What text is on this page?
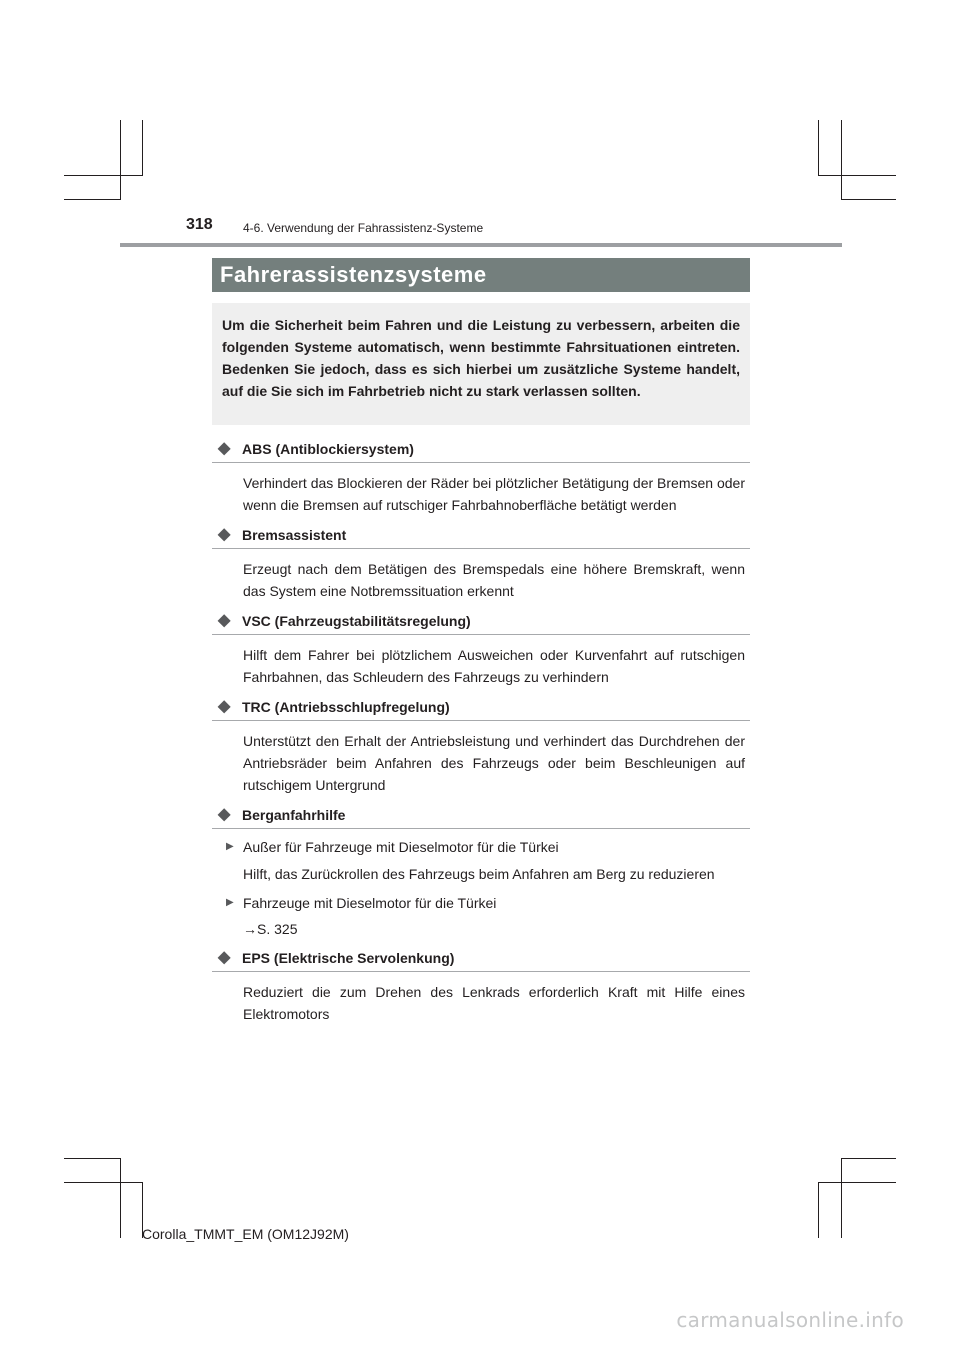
318	4-6. Verwendung der Fahrassistenz-Systeme
Fahrerassistenzsysteme
Um die Sicherheit beim Fahren und die Leistung zu verbessern, arbeiten die folgenden Systeme automatisch, wenn bestimmte Fahrsituationen eintreten. Bedenken Sie jedoch, dass es sich hierbei um zusätzliche Systeme handelt, auf die Sie sich im Fahrbetrieb nicht zu stark verlassen sollten.
◆ ABS (Antiblockiersystem)
Verhindert das Blockieren der Räder bei plötzlicher Betätigung der Bremsen oder wenn die Bremsen auf rutschiger Fahrbahnoberfläche betätigt werden
◆ Bremsassistent
Erzeugt nach dem Betätigen des Bremspedals eine höhere Bremskraft, wenn das System eine Notbremssituation erkennt
◆ VSC (Fahrzeugstabilitätsregelung)
Hilft dem Fahrer bei plötzlichem Ausweichen oder Kurvenfahrt auf rutschigen Fahrbahnen, das Schleudern des Fahrzeugs zu verhindern
◆ TRC (Antriebsschlupfregelung)
Unterstützt den Erhalt der Antriebsleistung und verhindert das Durchdrehen der Antriebsräder beim Anfahren des Fahrzeugs oder beim Beschleunigen auf rutschigem Untergrund
◆ Berganfahrhilfe
▶ Außer für Fahrzeuge mit Dieselmotor für die Türkei
Hilft, das Zurückrollen des Fahrzeugs beim Anfahren am Berg zu reduzieren
▶ Fahrzeuge mit Dieselmotor für die Türkei
→S. 325
◆ EPS (Elektrische Servolenkung)
Reduziert die zum Drehen des Lenkrads erforderlich Kraft mit Hilfe eines Elektromotors
Corolla_TMMT_EM (OM12J92M)
carmanualsonline.info
